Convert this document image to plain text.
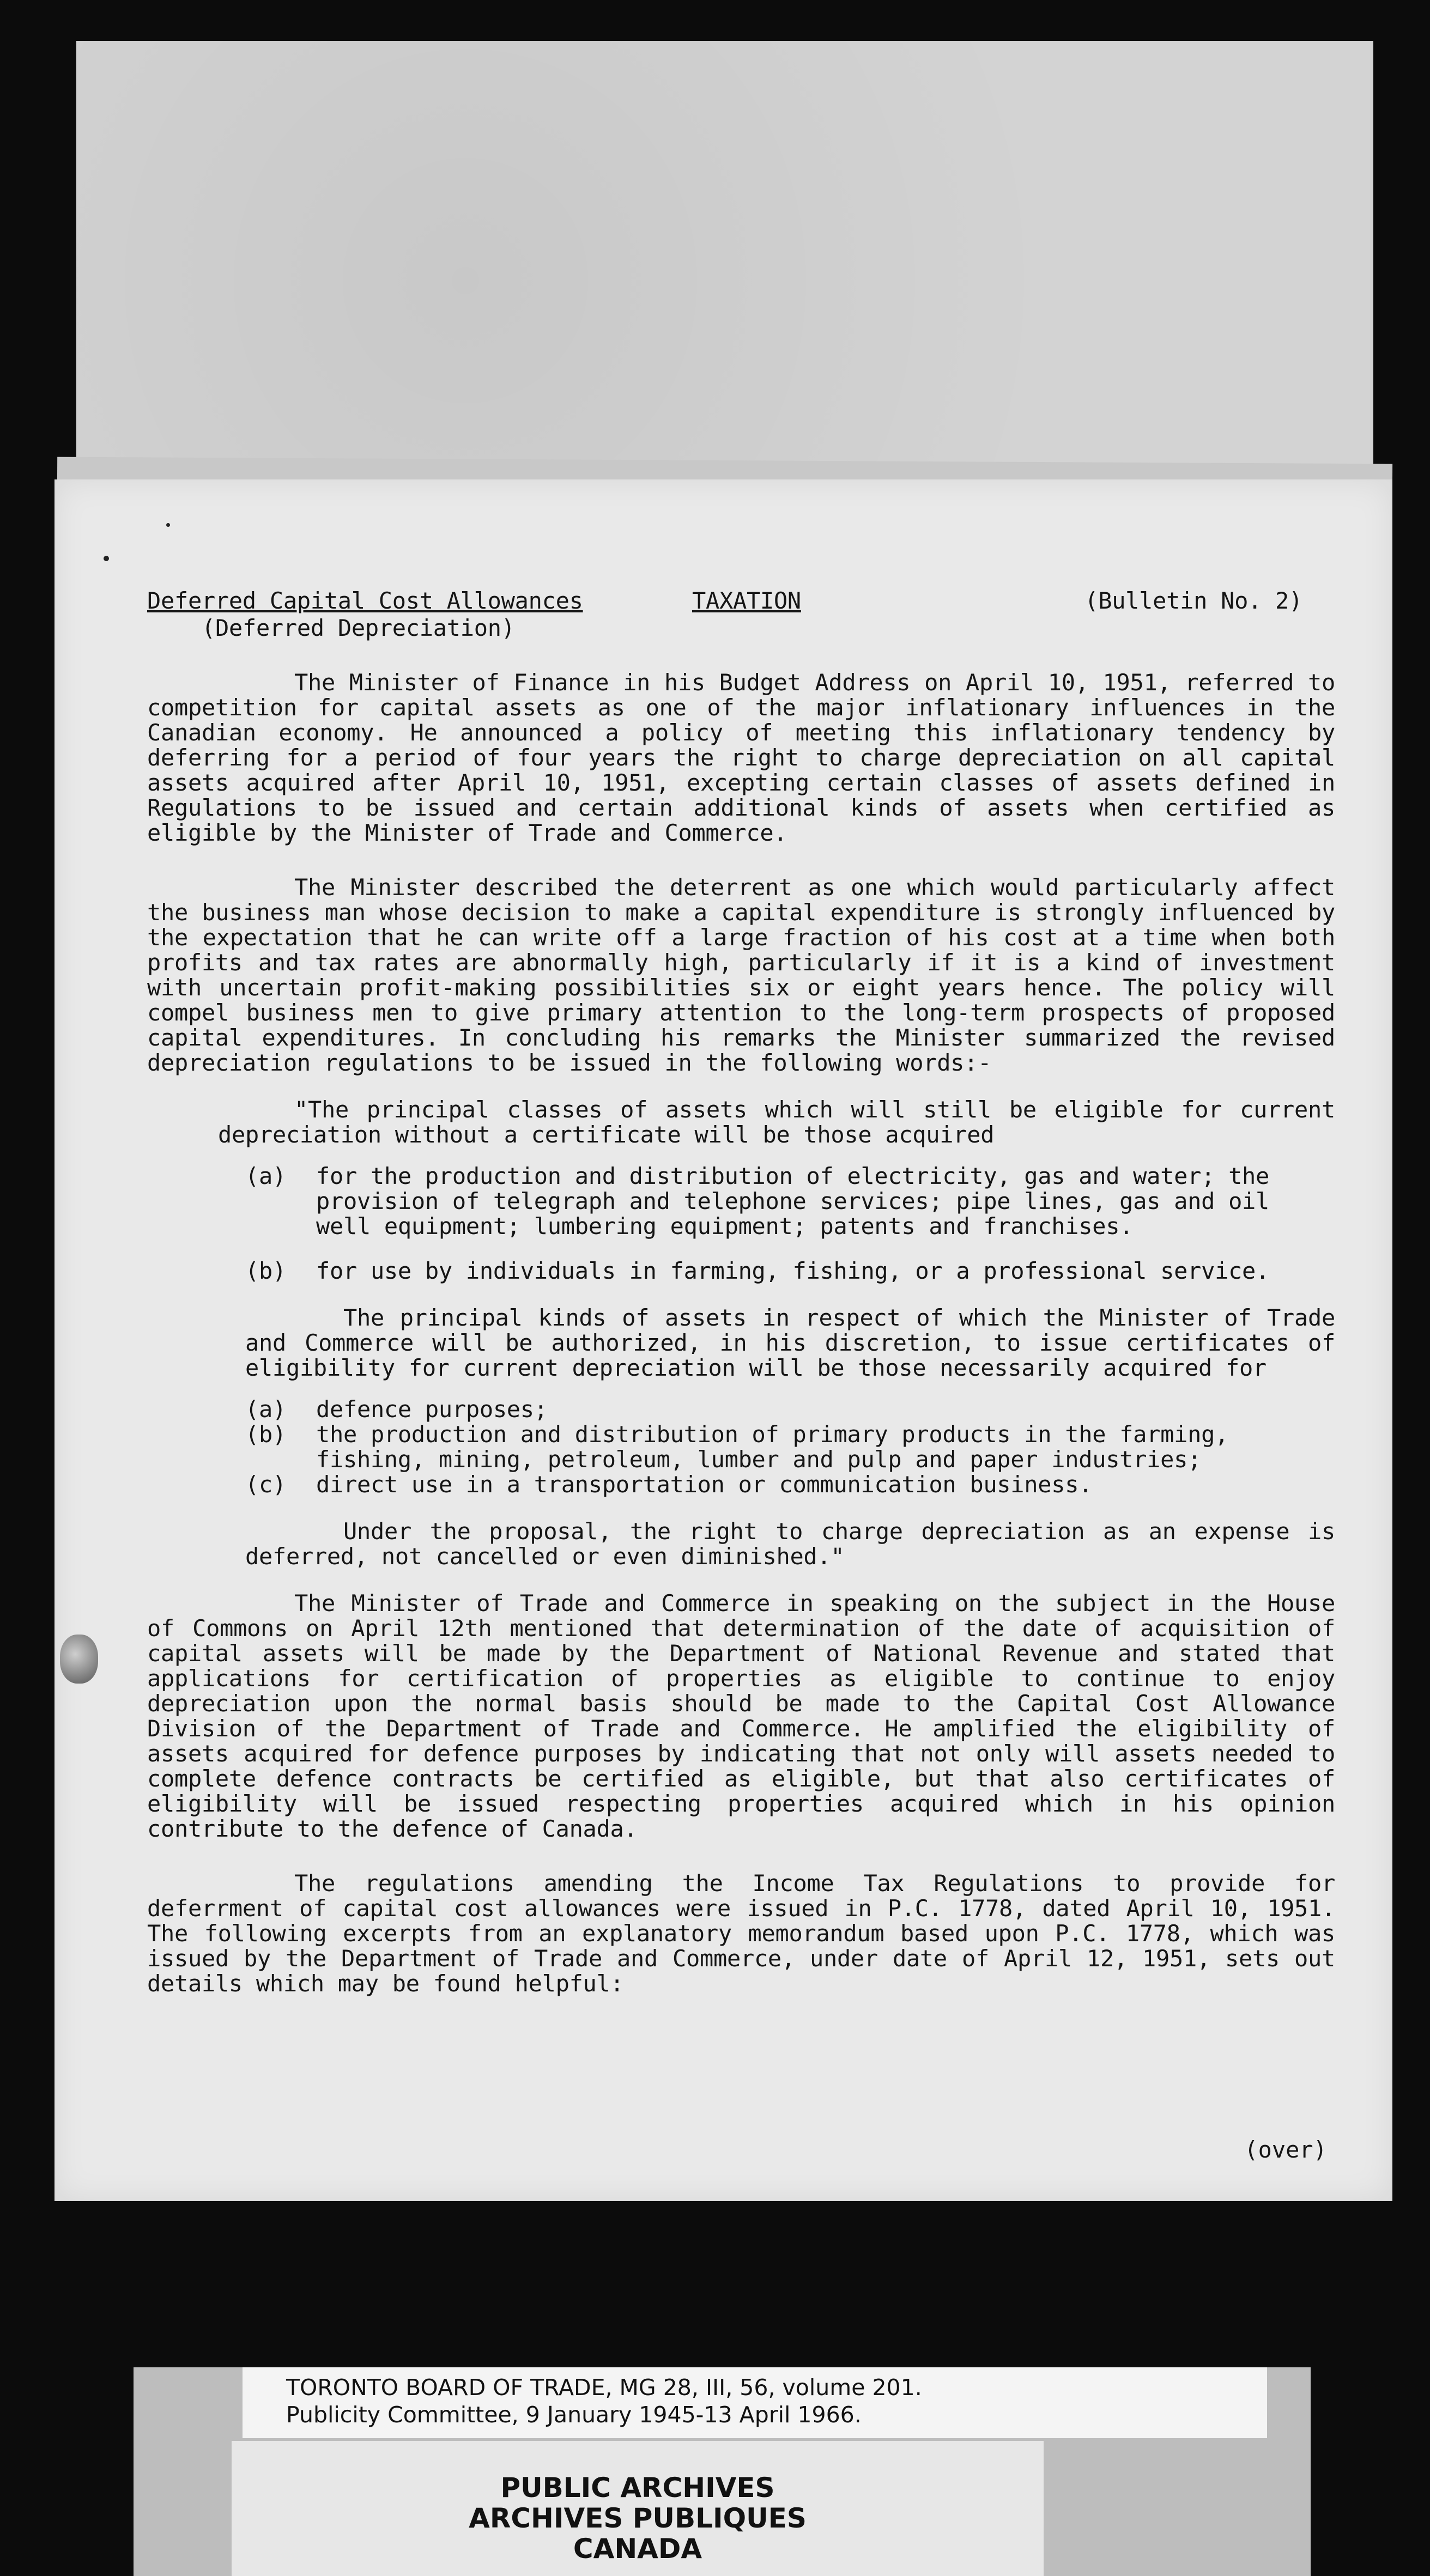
Deferred Capital Cost Allowances	TAXATION	(Bulletin No. 2)
(Deferred Depreciation)

The Minister of Finance in his Budget Address on April 10, 1951, referred to competition for capital assets as one of the major inflationary influences in the Canadian economy. He announced a policy of meeting this inflationary tendency by deferring for a period of four years the right to charge depreciation on all capital assets acquired after April 10, 1951, excepting certain classes of assets defined in Regulations to be issued and certain additional kinds of assets when certified as eligible by the Minister of Trade and Commerce.

The Minister described the deterrent as one which would particularly affect the business man whose decision to make a capital expenditure is strongly influenced by the expectation that he can write off a large fraction of his cost at a time when both profits and tax rates are abnormally high, particularly if it is a kind of investment with uncertain profit-making possibilities six or eight years hence. The policy will compel business men to give primary attention to the long-term prospects of proposed capital expenditures. In concluding his remarks the Minister summarized the revised depreciation regulations to be issued in the following words:-

"The principal classes of assets which will still be eligible for current depreciation without a certificate will be those acquired

(a)	for the production and distribution of electricity, gas and water; the provision of telegraph and telephone services; pipe lines, gas and oil well equipment; lumbering equipment; patents and franchises.
(b)	for use by individuals in farming, fishing, or a professional service.

The principal kinds of assets in respect of which the Minister of Trade and Commerce will be authorized, in his discretion, to issue certificates of eligibility for current depreciation will be those necessarily acquired for

(a)	defence purposes;
(b)	the production and distribution of primary products in the farming, fishing, mining, petroleum, lumber and pulp and paper industries;
(c)	direct use in a transportation or communication business.

Under the proposal, the right to charge depreciation as an expense is deferred, not cancelled or even diminished."

The Minister of Trade and Commerce in speaking on the subject in the House of Commons on April 12th mentioned that determination of the date of acquisition of capital assets will be made by the Department of National Revenue and stated that applications for certification of properties as eligible to continue to enjoy depreciation upon the normal basis should be made to the Capital Cost Allowance Division of the Department of Trade and Commerce. He amplified the eligibility of assets acquired for defence purposes by indicating that not only will assets needed to complete defence contracts be certified as eligible, but that also certificates of eligibility will be issued respecting properties acquired which in his opinion contribute to the defence of Canada.

The regulations amending the Income Tax Regulations to provide for deferrment of capital cost allowances were issued in P.C. 1778, dated April 10, 1951. The following excerpts from an explanatory memorandum based upon P.C. 1778, which was issued by the Department of Trade and Commerce, under date of April 12, 1951, sets out details which may be found helpful:

(over)
TORONTO BOARD OF TRADE, MG 28, III, 56, volume 201.
Publicity Committee, 9 January 1945-13 April 1966.
PUBLIC ARCHIVES
ARCHIVES PUBLIQUES
CANADA
